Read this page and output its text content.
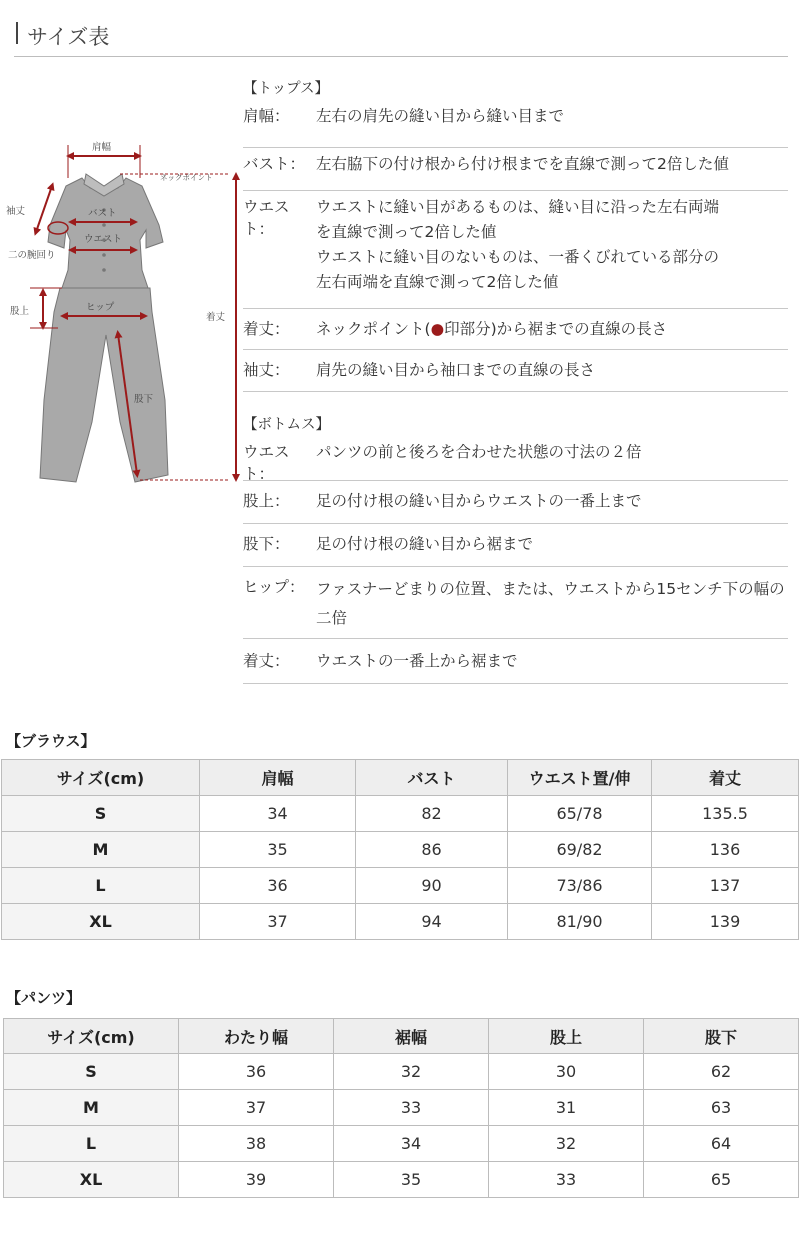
サイズ表
肩幅
ネックポイント
袖丈	バスト
ウエスト
二の腕回り
股上	ヒップ
着丈
股下
【トップス】
肩幅：	左右の肩先の縫い目から縫い目まで
バスト： 左右脇下の付け根から付け根までを直線で測って2倍した値
ウエスト：
ウエストに縫い目があるものは、縫い目に沿った左右両端
を直線で測って2倍した値
ウエストに縫い目のないものは、一番くびれている部分の
左右両端を直線で測って2倍した値
着丈：	ネックポイント(●印部分)から裾までの直線の長さ
袖丈：	肩先の縫い目から袖口までの直線の長さ
【ボトムス】
ウエスト：
パンツの前と後ろを合わせた状態の寸法の２倍
股上：	足の付け根の縫い目からウエストの一番上まで
股下：	足の付け根の縫い目から裾まで
ヒップ： ファスナーどまりの位置、または、ウエストから15センチ下の幅の
二倍
着丈：	ウエストの一番上から裾まで
【ブラウス】
サイズ(cm)	肩幅	バスト	ウエスト置/伸	着丈
S	34	82	65/78	135.5
M	35	86	69/82	136
L	36	90	73/86	137
XL	37	94	81/90	139
【パンツ】
サイズ(cm)	わたり幅	裾幅	股上	股下
S	36	32	30	62
M	37	33	31	63
L	38	34	32	64
XL	39	35	33	65
